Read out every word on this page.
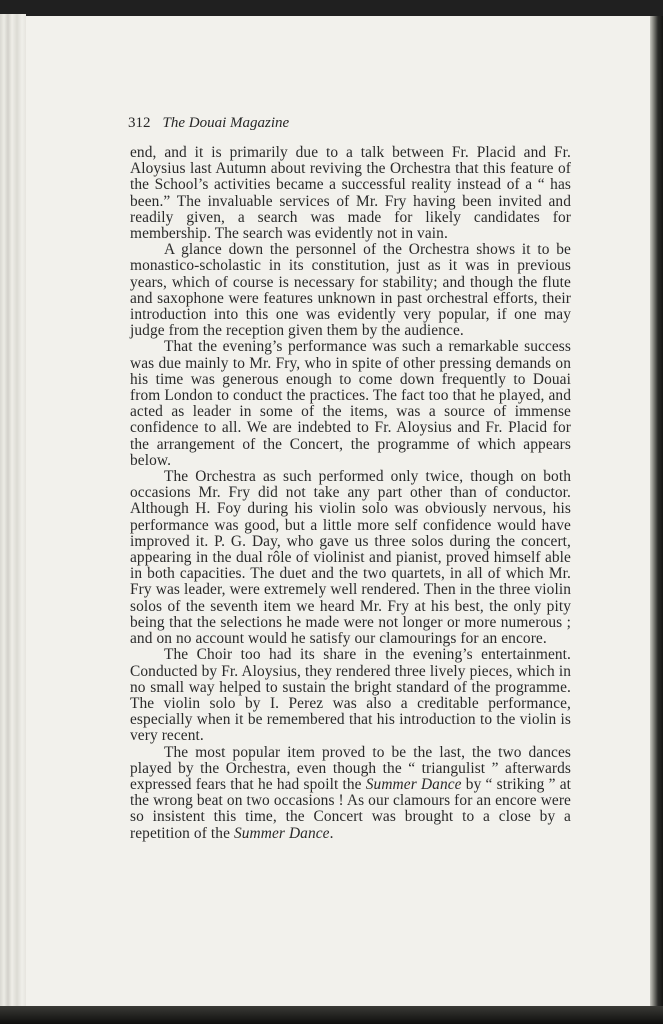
312 The Douai Magazine

end, and it is primarily due to a talk between Fr. Placid and Fr. Aloysius last Autumn about reviving the Orchestra that this feature of the School’s activities became a successful reality instead of a “ has been.” The invaluable services of Mr. Fry having been invited and readily given, a search was made for likely candidates for membership. The search was evidently not in vain.

A glance down the personnel of the Orchestra shows it to be monastico-scholastic in its constitution, just as it was in previous years, which of course is necessary for stability; and though the flute and saxophone were features unknown in past orchestral efforts, their introduction into this one was evidently very popular, if one may judge from the reception given them by the audience.

That the evening’s performance was such a remarkable success was due mainly to Mr. Fry, who in spite of other pressing demands on his time was generous enough to come down frequently to Douai from London to conduct the practices. The fact too that he played, and acted as leader in some of the items, was a source of immense confidence to all. We are indebted to Fr. Aloysius and Fr. Placid for the arrangement of the Concert, the programme of which appears below.

The Orchestra as such performed only twice, though on both occasions Mr. Fry did not take any part other than of conductor. Although H. Foy during his violin solo was obviously nervous, his performance was good, but a little more self confidence would have improved it. P. G. Day, who gave us three solos during the concert, appearing in the dual rôle of violinist and pianist, proved himself able in both capacities. The duet and the two quartets, in all of which Mr. Fry was leader, were extremely well rendered. Then in the three violin solos of the seventh item we heard Mr. Fry at his best, the only pity being that the selections he made were not longer or more numerous ; and on no account would he satisfy our clamourings for an encore.

The Choir too had its share in the evening’s entertainment. Conducted by Fr. Aloysius, they rendered three lively pieces, which in no small way helped to sustain the bright standard of the programme. The violin solo by I. Perez was also a creditable performance, especially when it be remembered that his introduction to the violin is very recent.

The most popular item proved to be the last, the two dances played by the Orchestra, even though the “ triangulist ” afterwards expressed fears that he had spoilt the Summer Dance by “ striking ” at the wrong beat on two occasions ! As our clamours for an encore were so insistent this time, the Concert was brought to a close by a repetition of the Summer Dance.
